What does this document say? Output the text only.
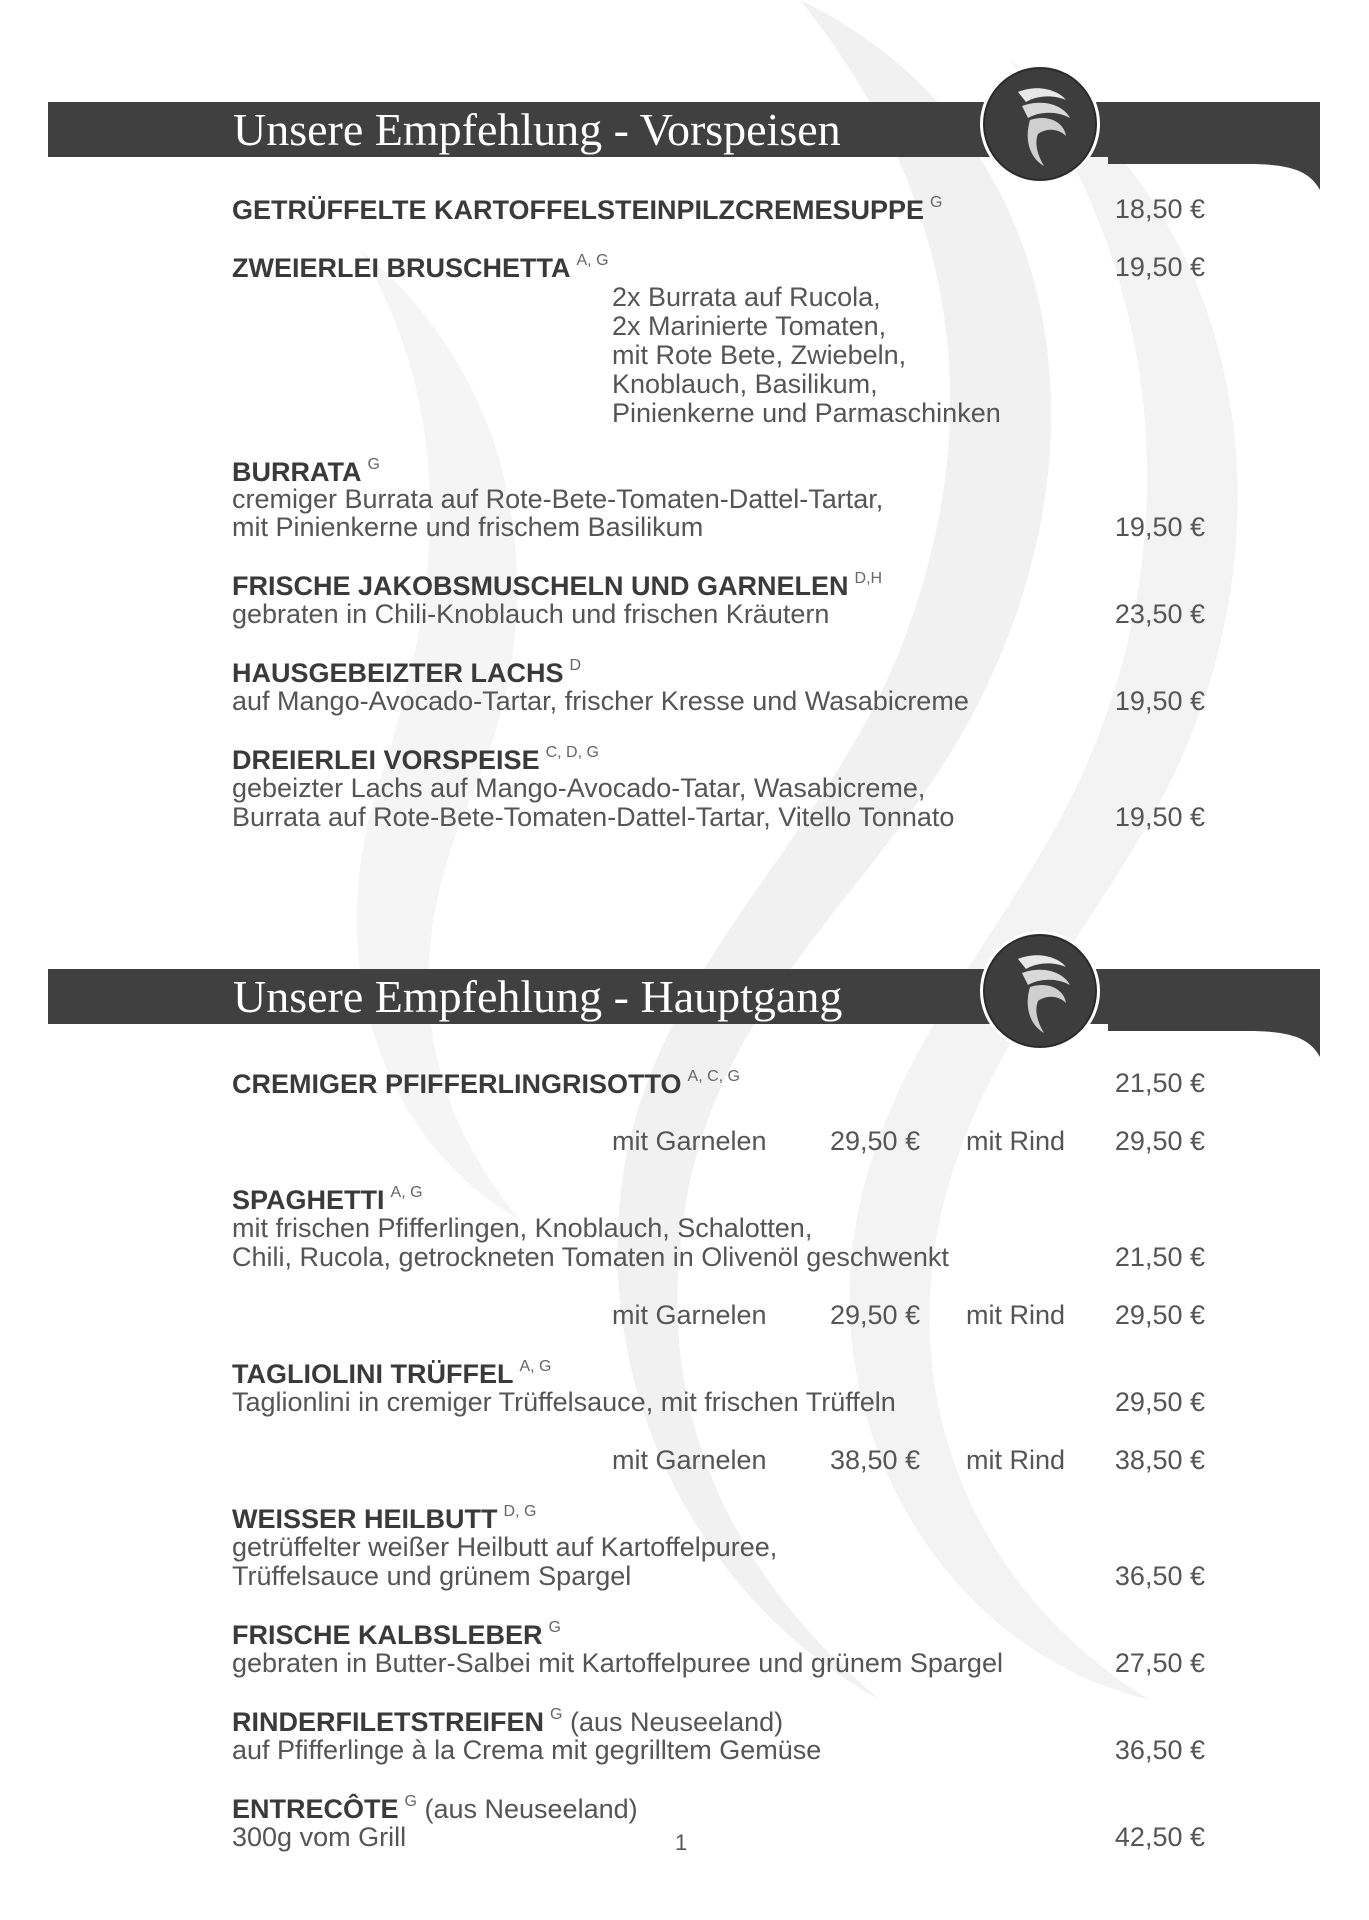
Unsere Empfehlung - Vorspeisen
Unsere Empfehlung - Hauptgang
GETRÜFFELTE KARTOFFELSTEINPILZCREMESUPPE $^G$	18,50 €
ZWEIERLEI BRUSCHETTA $^{A, G}$	19,50 €
2x Burrata auf Rucola,
2x Marinierte Tomaten,
mit Rote Bete, Zwiebeln,
Knoblauch, Basilikum,
Pinienkerne und Parmaschinken
BURRATA $^G$
cremiger Burrata auf Rote-Bete-Tomaten-Dattel-Tartar,
mit Pinienkerne und frischem Basilikum	19,50 €
FRISCHE JAKOBSMUSCHELN UND GARNELEN $^{D,H}$
gebraten in Chili-Knoblauch und frischen Kräutern	23,50 €
HAUSGEBEIZTER LACHS $^D$
auf Mango-Avocado-Tartar, frischer Kresse und Wasabicreme	19,50 €
DREIERLEI VORSPEISE $^{C, D, G}$
gebeizter Lachs auf Mango-Avocado-Tatar, Wasabicreme,
Burrata auf Rote-Bete-Tomaten-Dattel-Tartar, Vitello Tonnato	19,50 €
CREMIGER PFIFFERLINGRISOTTO $^{A, C, G}$	21,50 €
mit Garnelen 29,50 € mit Rind	29,50 €
SPAGHETTI $^{A, G}$
mit frischen Pfifferlingen, Knoblauch, Schalotten,
Chili, Rucola, getrockneten Tomaten in Olivenöl geschwenkt	21,50 €
mit Garnelen 29,50 € mit Rind	29,50 €
TAGLIOLINI TRÜFFEL $^{A, G}$
Taglionlini in cremiger Trüffelsauce, mit frischen Trüffeln	29,50 €
mit Garnelen 38,50 € mit Rind	38,50 €
WEISSER HEILBUTT $^{D, G}$
getrüffelter weißer Heilbutt auf Kartoffelpuree,
Trüffelsauce und grünem Spargel	36,50 €
FRISCHE KALBSLEBER $^G$
gebraten in Butter-Salbei mit Kartoffelpuree und grünem Spargel	27,50 €
RINDERFILETSTREIFEN $^G$ (aus Neuseeland)
auf Pfifferlinge à la Crema mit gegrilltem Gemüse	36,50 €
ENTRECÔTE $^G$ (aus Neuseeland)
300g vom Grill	42,50 €
1
